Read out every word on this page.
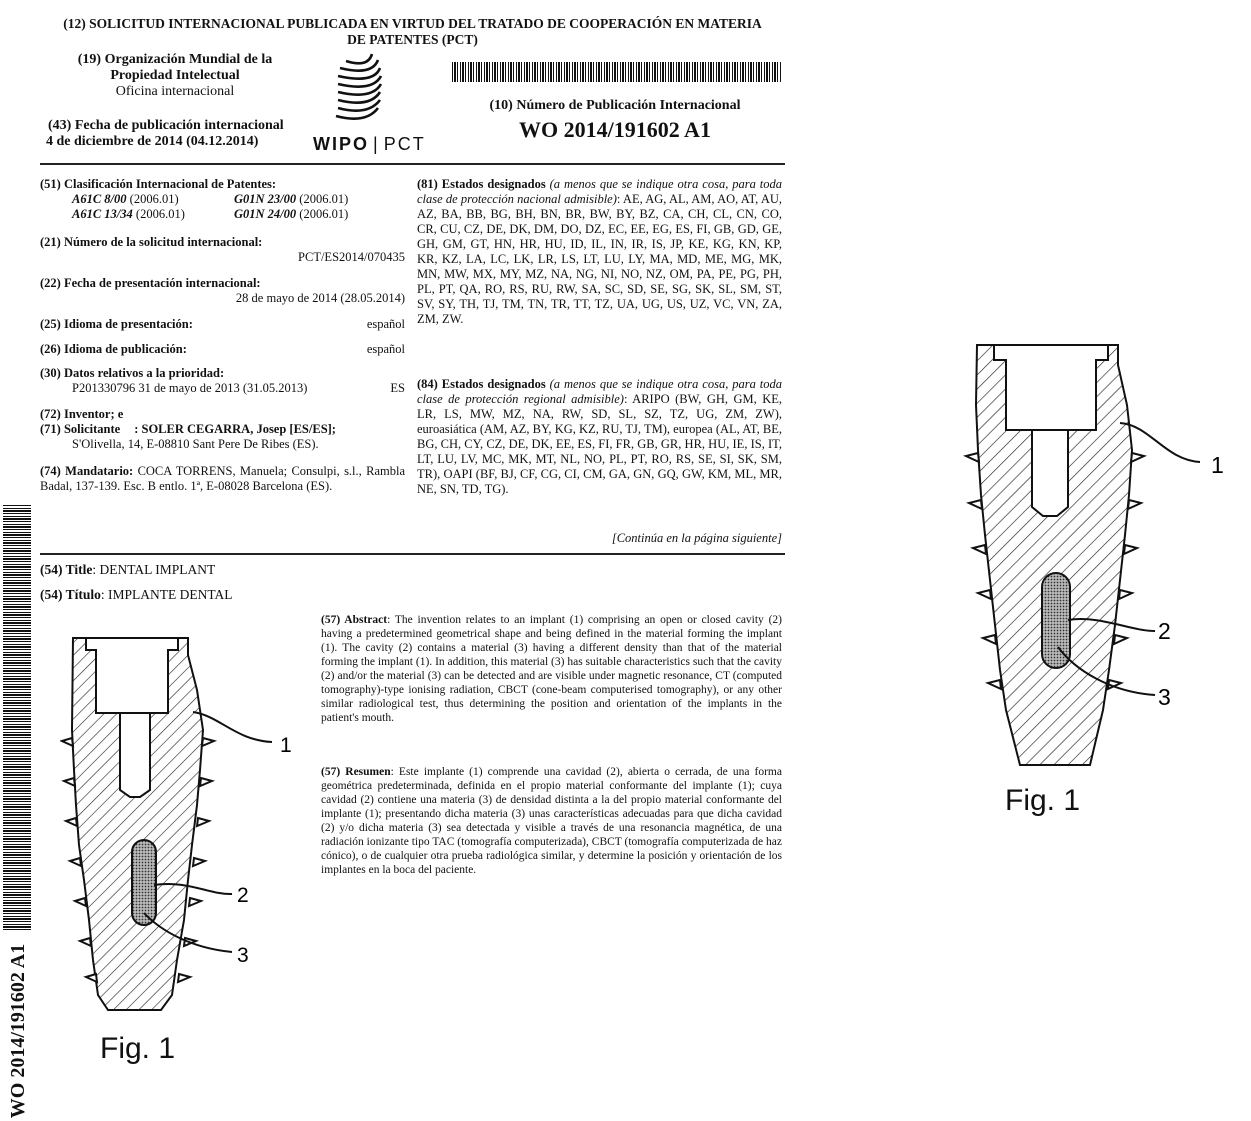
(12) SOLICITUD INTERNACIONAL PUBLICADA EN VIRTUD DEL TRATADO DE COOPERACIÓN EN MATERIA
DE PATENTES (PCT)
(19) Organización Mundial de la
Propiedad Intelectual
Oficina internacional
(43) Fecha de publicación internacional
4 de diciembre de 2014 (04.12.2014)	WIPO | PCT
(10) Número de Publicación Internacional
WO 2014/191602 A1
(51) Clasificación Internacional de Patentes:
A61C 8/00 (2006.01)	G01N 23/00 (2006.01)
A61C 13/34 (2006.01)	G01N 24/00 (2006.01)
(21) Número de la solicitud internacional:
PCT/ES2014/070435
(22) Fecha de presentación internacional:
28 de mayo de 2014 (28.05.2014)
(25) Idioma de presentación:	español
(26) Idioma de publicación:	español
(30) Datos relativos a la prioridad:
P201330796 31 de mayo de 2013 (31.05.2013)	ES
(72) Inventor; e
(71) Solicitante : SOLER CEGARRA, Josep [ES/ES];
S'Olivella, 14, E-08810 Sant Pere De Ribes (ES).
(74) Mandatario: COCA TORRENS, Manuela; Consulpi, s.l., Rambla Badal, 137-139. Esc. B entlo. 1ª, E-08028 Barcelona (ES).
(81) Estados designados (a menos que se indique otra cosa, para toda clase de protección nacional admisible): AE, AG, AL, AM, AO, AT, AU, AZ, BA, BB, BG, BH, BN, BR, BW, BY, BZ, CA, CH, CL, CN, CO, CR, CU, CZ, DE, DK, DM, DO, DZ, EC, EE, EG, ES, FI, GB, GD, GE, GH, GM, GT, HN, HR, HU, ID, IL, IN, IR, IS, JP, KE, KG, KN, KP, KR, KZ, LA, LC, LK, LR, LS, LT, LU, LY, MA, MD, ME, MG, MK, MN, MW, MX, MY, MZ, NA, NG, NI, NO, NZ, OM, PA, PE, PG, PH, PL, PT, QA, RO, RS, RU, RW, SA, SC, SD, SE, SG, SK, SL, SM, ST, SV, SY, TH, TJ, TM, TN, TR, TT, TZ, UA, UG, US, UZ, VC, VN, ZA, ZM, ZW.
(84) Estados designados (a menos que se indique otra cosa, para toda clase de protección regional admisible): ARIPO (BW, GH, GM, KE, LR, LS, MW, MZ, NA, RW, SD, SL, SZ, TZ, UG, ZM, ZW), euroasiática (AM, AZ, BY, KG, KZ, RU, TJ, TM), europea (AL, AT, BE, BG, CH, CY, CZ, DE, DK, EE, ES, FI, FR, GB, GR, HR, HU, IE, IS, IT, LT, LU, LV, MC, MK, MT, NL, NO, PL, PT, RO, RS, SE, SI, SK, SM, TR), OAPI (BF, BJ, CF, CG, CI, CM, GA, GN, GQ, GW, KM, ML, MR, NE, SN, TD, TG).
[Continúa en la página siguiente]
(54) Title: DENTAL IMPLANT
(54) Título: IMPLANTE DENTAL
(57) Abstract: The invention relates to an implant (1) comprising an open or closed cavity (2) having a predetermined geometrical shape and being defined in the material forming the implant (1). The cavity (2) contains a material (3) having a different density than that of the material forming the implant (1). In addition, this material (3) has suitable characteristics such that the cavity (2) and/or the material (3) can be detected and are visible under magnetic resonance, CT (computed tomography)-type ionising radiation, CBCT (cone-beam computerised tomography), or any other similar radiological test, thus determining the position and orientation of the implants in the patient's mouth.
(57) Resumen: Este implante (1) comprende una cavidad (2), abierta o cerrada, de una forma geométrica predeterminada, definida en el propio material conformante del implante (1); cuya cavidad (2) contiene una materia (3) de densidad distinta a la del propio material conformante del implante (1); presentando dicha materia (3) unas características adecuadas para que dicha cavidad (2) y/o dicha materia (3) sea detectada y visible a través de una resonancia magnética, de una radiación ionizante tipo TAC (tomografía computerizada), CBCT (tomografía computerizada de haz cónico), o de cualquier otra prueba radiológica similar, y determine la posición y orientación de los implantes en la boca del paciente.
1
2
3
Fig. 1
1
2
3
Fig. 1
WO 2014/191602 A1
